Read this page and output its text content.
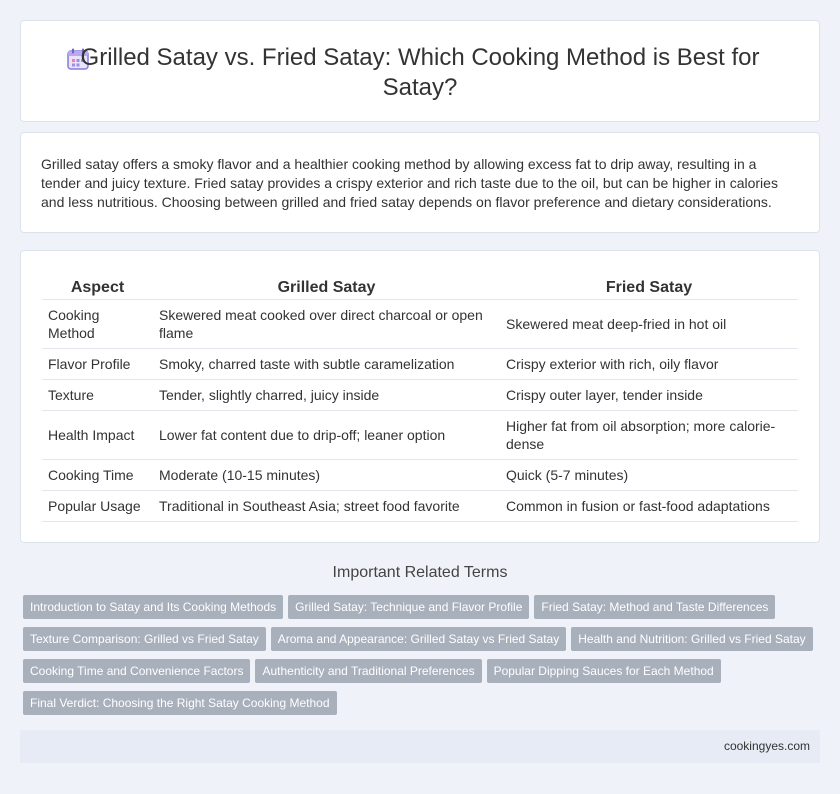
Grilled Satay vs. Fried Satay: Which Cooking Method is Best for Satay?

Grilled satay offers a smoky flavor and a healthier cooking method by allowing excess fat to drip away, resulting in a tender and juicy texture. Fried satay provides a crispy exterior and rich taste due to the oil, but can be higher in calories and less nutritious. Choosing between grilled and fried satay depends on flavor preference and dietary considerations.

Aspect	Grilled Satay	Fried Satay
Cooking Method	Skewered meat cooked over direct charcoal or open flame	Skewered meat deep-fried in hot oil
Flavor Profile	Smoky, charred taste with subtle caramelization	Crispy exterior with rich, oily flavor
Texture	Tender, slightly charred, juicy inside	Crispy outer layer, tender inside
Health Impact	Lower fat content due to drip-off; leaner option	Higher fat from oil absorption; more calorie-dense
Cooking Time	Moderate (10-15 minutes)	Quick (5-7 minutes)
Popular Usage	Traditional in Southeast Asia; street food favorite	Common in fusion or fast-food adaptations
Important Related Terms
Introduction to Satay and Its Cooking Methods Grilled Satay: Technique and Flavor Profile Fried Satay: Method and Taste Differences
Texture Comparison: Grilled vs Fried Satay Aroma and Appearance: Grilled Satay vs Fried Satay Health and Nutrition: Grilled vs Fried Satay
Cooking Time and Convenience Factors Authenticity and Traditional Preferences Popular Dipping Sauces for Each Method
Final Verdict: Choosing the Right Satay Cooking Method
cookingyes.com
